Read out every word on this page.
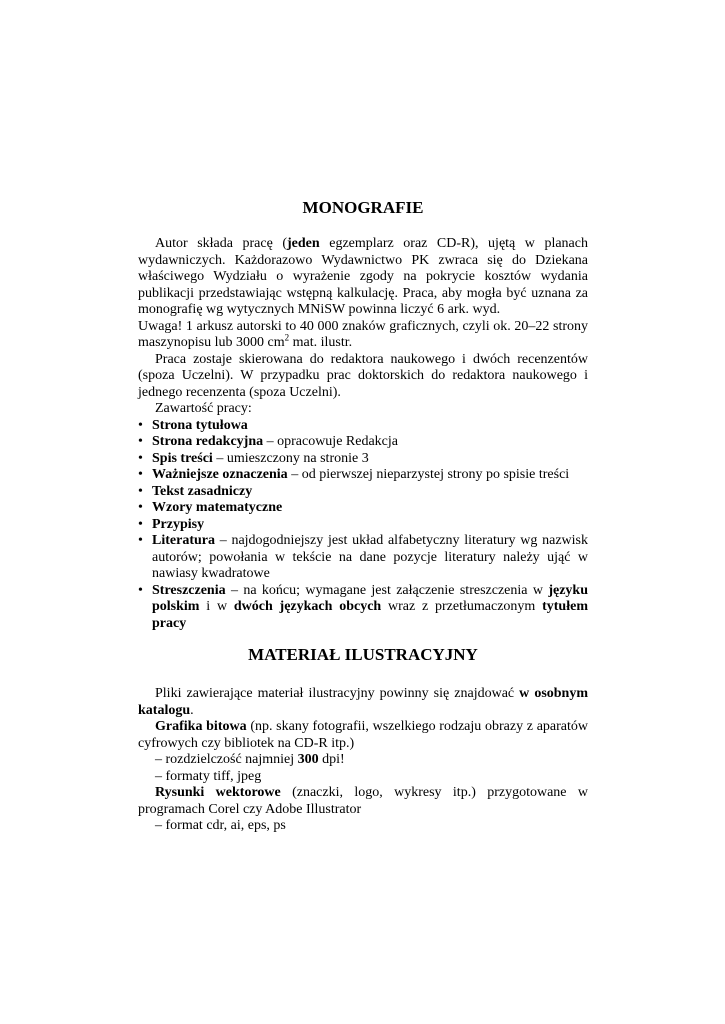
MONOGRAFIE

Autor składa pracę (jeden egzemplarz oraz CD-R), ujętą w planach wydawniczych. Każdorazowo Wydawnictwo PK zwraca się do Dziekana właściwego Wydziału o wyrażenie zgody na pokrycie kosztów wydania publikacji przedstawiając wstępną kalkulację. Praca, aby mogła być uznana za monografię wg wytycznych MNiSW powinna liczyć 6 ark. wyd.

Uwaga! 1 arkusz autorski to 40 000 znaków graficznych, czyli ok. 20–22 strony maszynopisu lub 3000 $cm^2$ mat. ilustr.

Praca zostaje skierowana do redaktora naukowego i dwóch recenzentów (spoza Uczelni). W przypadku prac doktorskich do redaktora naukowego i jednego recenzenta (spoza Uczelni).

Zawartość pracy:

• Strona tytułowa
• Strona redakcyjna – opracowuje Redakcja
• Spis treści – umieszczony na stronie 3
• Ważniejsze oznaczenia – od pierwszej nieparzystej strony po spisie treści
• Tekst zasadniczy
• Wzory matematyczne
• Przypisy
• Literatura – najdogodniejszy jest układ alfabetyczny literatury wg nazwisk autorów; powołania w tekście na dane pozycje literatury należy ująć w nawiasy kwadratowe
• Streszczenia – na końcu; wymagane jest załączenie streszczenia w języku polskim i w dwóch językach obcych wraz z przetłumaczonym tytułem pracy
MATERIAŁ ILUSTRACYJNY

Pliki zawierające materiał ilustracyjny powinny się znajdować w osobnym katalogu.

Grafika bitowa (np. skany fotografii, wszelkiego rodzaju obrazy z aparatów cyfrowych czy bibliotek na CD-R itp.)

– rozdzielczość najmniej 300 dpi!

– formaty tiff, jpeg

Rysunki wektorowe (znaczki, logo, wykresy itp.) przygotowane w programach Corel czy Adobe Illustrator

– format cdr, ai, eps, ps
